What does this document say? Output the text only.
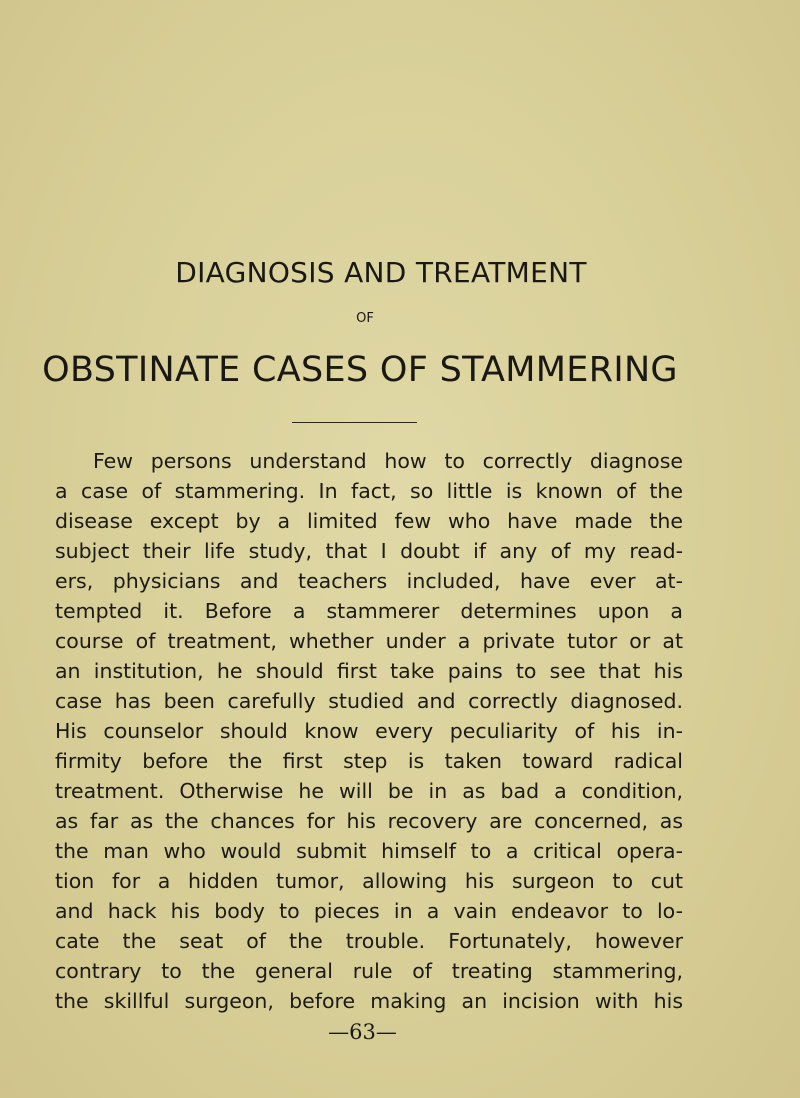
DIAGNOSIS AND TREATMENT
OF
OBSTINATE CASES OF STAMMERING
Few persons understand how to correctly diagnose
a case of stammering. In fact, so little is known of the
disease except by a limited few who have made the
subject their life study, that I doubt if any of my read-
ers, physicians and teachers included, have ever at-
tempted it. Before a stammerer determines upon a
course of treatment, whether under a private tutor or at
an institution, he should first take pains to see that his
case has been carefully studied and correctly diagnosed.
His counselor should know every peculiarity of his in-
firmity before the first step is taken toward radical
treatment. Otherwise he will be in as bad a condition,
as far as the chances for his recovery are concerned, as
the man who would submit himself to a critical opera-
tion for a hidden tumor, allowing his surgeon to cut
and hack his body to pieces in a vain endeavor to lo-
cate the seat of the trouble. Fortunately, however
contrary to the general rule of treating stammering,
the skillful surgeon, before making an incision with his
—63—
